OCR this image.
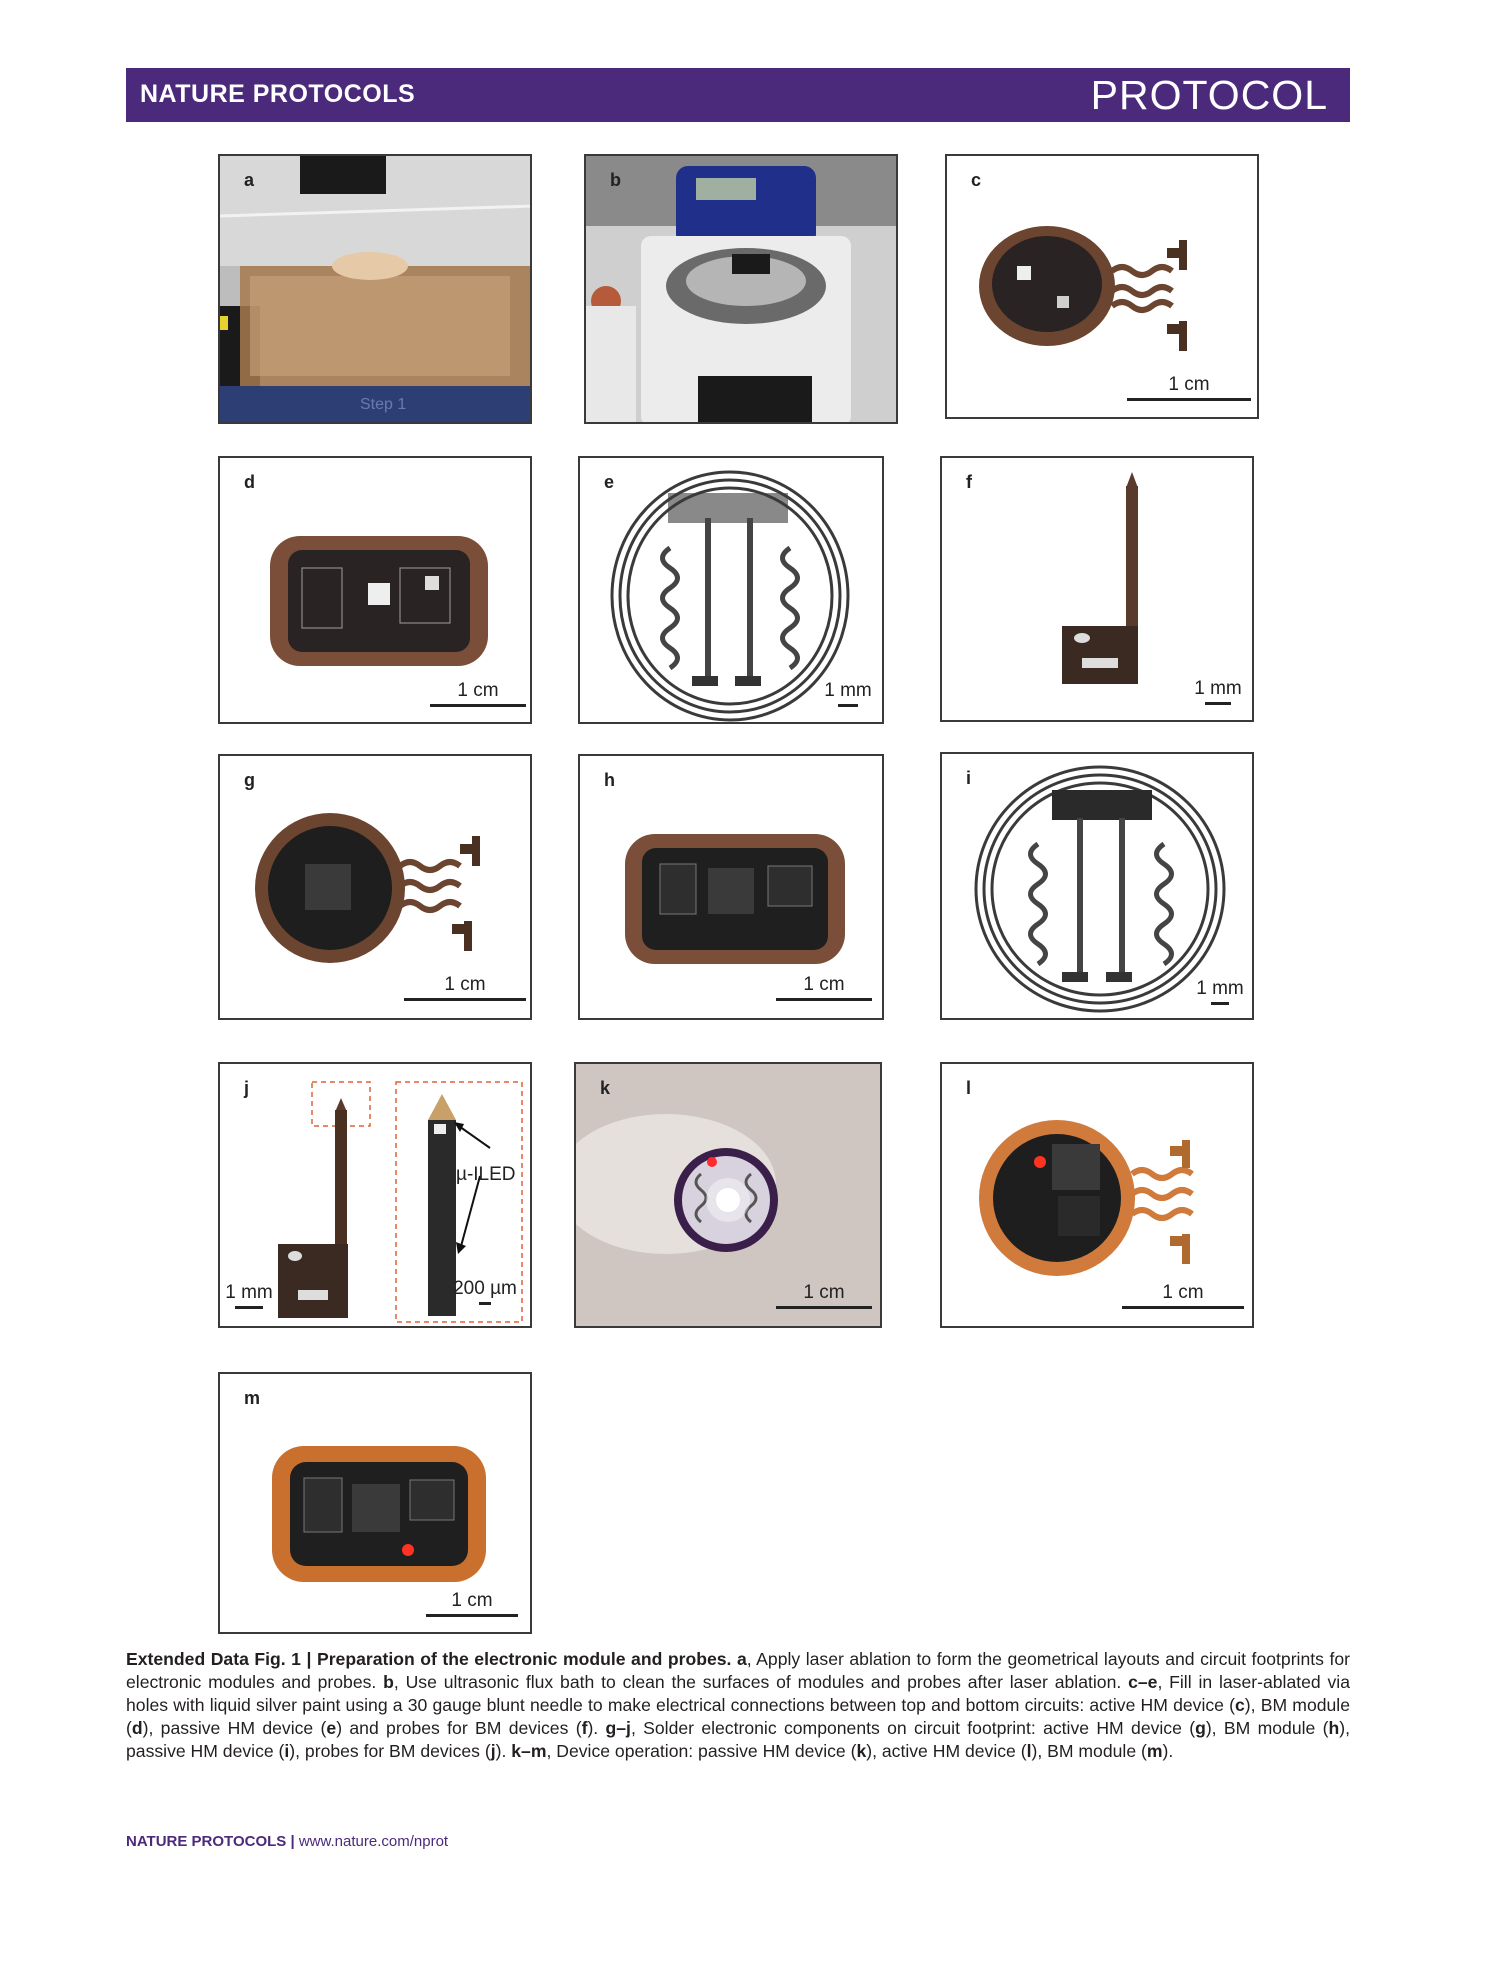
NATURE PROTOCOLS	PROTOCOL
a
Step 1
b	c
1 cm
d
1 cm
e
1 mm
f
1 mm
g
1 cm
h
1 cm
i
1 mm
j
µ-ILED
1 mm	200 µm
k
1 cm
l
1 cm
m
1 cm
Extended Data Fig. 1 | Preparation of the electronic module and probes. a, Apply laser ablation to form the geometrical layouts and circuit footprints for electronic modules and probes. b, Use ultrasonic flux bath to clean the surfaces of modules and probes after laser ablation. c–e, Fill in laser-ablated via holes with liquid silver paint using a 30 gauge blunt needle to make electrical connections between top and bottom circuits: active HM device (c), BM module (d), passive HM device (e) and probes for BM devices (f). g–j, Solder electronic components on circuit footprint: active HM device (g), BM module (h), passive HM device (i), probes for BM devices (j). k–m, Device operation: passive HM device (k), active HM device (l), BM module (m).
NATURE PROTOCOLS | www.nature.com/nprot
